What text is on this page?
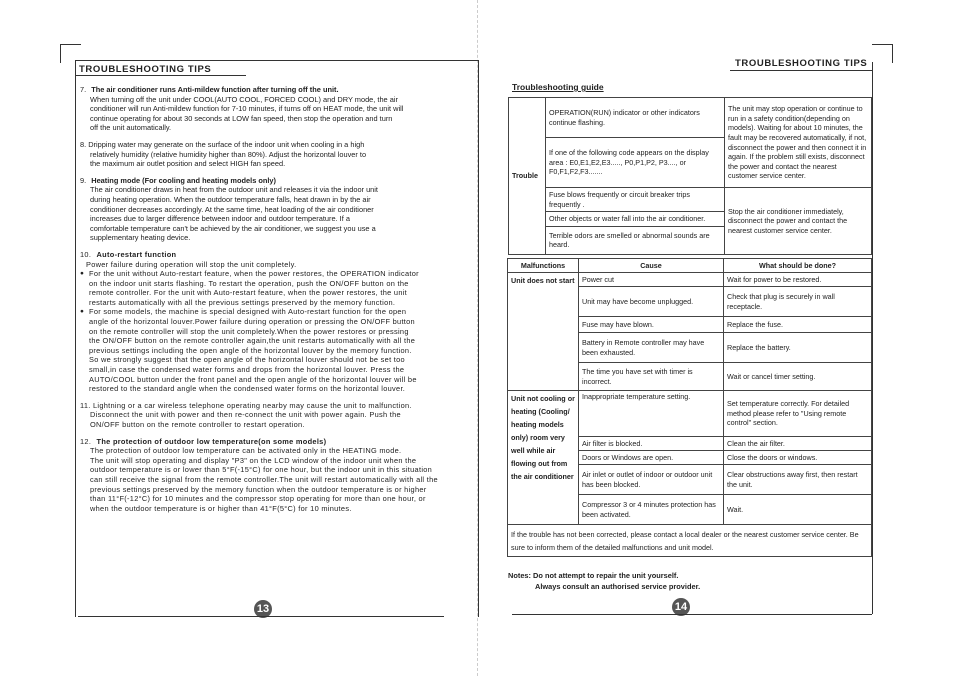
TROUBLESHOOTING TIPS

7. The air conditioner runs Anti-mildew function after turning off the unit.
When turning off the unit under COOL(AUTO COOL, FORCED COOL) and DRY mode, the air
conditioner will run Anti-mildew function for 7-10 minutes, if turns off on HEAT mode, the unit will
continue operating for about 30 seconds at LOW fan speed, then stop the operation and turn
off the unit automatically.

8. Dripping water may generate on the surface of the indoor unit when cooling in a high
relatively humidity (relative humidity higher than 80%). Adjust the horizontal louver to
the maximum air outlet position and select HIGH fan speed.

9. Heating mode (For cooling and heating models only)
The air conditioner draws in heat from the outdoor unit and releases it via the indoor unit
during heating operation. When the outdoor temperature falls, heat drawn in by the air
conditioner decreases accordingly. At the same time, heat loading of the air conditioner
increases due to larger difference between indoor and outdoor temperature. If a
comfortable temperature can't be achieved by the air conditioner, we suggest you use a
supplementary heating device.

10. Auto-restart function
Power failure during operation will stop the unit completely.
● For the unit without Auto-restart feature, when the power restores, the OPERATION indicator
on the indoor unit starts flashing. To restart the operation, push the ON/OFF button on the
remote controller. For the unit with Auto-restart feature, when the power restores, the unit
restarts automatically with all the previous settings preserved by the memory function.
● For some models, the machine is special designed with Auto-restart function for the open
angle of the horizontal louver.Power failure during operation or pressing the ON/OFF button
on the remote controller will stop the unit completely.When the power restores or pressing
the ON/OFF button on the remote controller again,the unit restarts automatically with all the
previous settings including the open angle of the horizontal louver by the memory function.
So we strongly suggest that the open angle of the horizontal louver should not be set too
small,in case the condensed water forms and drops from the horizontal louver. Press the
AUTO/COOL button under the front panel and the open angle of the horizontal louver will be
restored to the standard angle when the condensed water forms on the horizontal louver.

11. Lightning or a car wireless telephone operating nearby may cause the unit to malfunction.
Disconnect the unit with power and then re-connect the unit with power again. Push the
ON/OFF button on the remote controller to restart operation.

12. The protection of outdoor low temperature(on some models)
The protection of outdoor low temperature can be activated only in the HEATING mode.
The unit will stop operating and display "P3" on the LCD window of the indoor unit when the
outdoor temperature is or lower than 5°F(-15°C) for one hour, but the indoor unit in this situation
can still receive the signal from the remote controller.The unit will restart automatically with all the
previous settings preserved by the memory function when the outdoor temperature is or higher
than 11°F(-12°C) for 10 minutes and the compressor stop operating for more than one hour, or
when the outdoor temperature is or higher than 41°F(5°C) for 10 minutes.

13
TROUBLESHOOTING TIPS
Troubleshooting guide
Trouble	OPERATION(RUN) indicator or other indicators continue flashing.	The unit may stop operation or continue to run in a safety condition(depending on models). Waiting for about 10 minutes, the fault may be recovered automatically, if not, disconnect the power and then connect it in again. If the problem still exists, disconnect the power and contact the nearest customer service center.
	If one of the following code appears on the display area : E0,E1,E2,E3....., P0,P1,P2, P3...., or F0,F1,F2,F3.......	
	Fuse blows frequently or circuit breaker trips frequently .	Stop the air conditioner immediately, disconnect the power and contact the nearest customer service center.
	Other objects or water fall into the air conditioner.	
	Terrible odors are smelled or abnormal sounds are heard.	
Malfunctions	Cause	What should be done?
Unit does not start	Power cut	Wait for power to be restored.
	Unit may have become unplugged.	Check that plug is securely in wall receptacle.
	Fuse may have blown.	Replace the fuse.
	Battery in Remote controller may have been exhausted.	Replace the battery.
	The time you have set with timer is incorrect.	Wait or cancel timer setting.
Unit not cooling or heating (Cooling/ heating models only) room very well while air flowing out from the air conditioner	Inappropriate temperature setting.	Set temperature correctly. For detailed method please refer to "Using remote control" section.
	Air filter is blocked.	Clean the air filter.
	Doors or Windows are open.	Close the doors or windows.
	Air inlet or outlet of indoor or outdoor unit has been blocked.	Clear obstructions away first, then restart the unit.
	Compressor 3 or 4 minutes protection has been activated.	Wait.
If the trouble has not been corrected, please contact a local dealer or the nearest customer service center. Be sure to inform them of the detailed malfunctions and unit model.		
Notes: Do not attempt to repair the unit yourself.
Always consult an authorised service provider.
14
